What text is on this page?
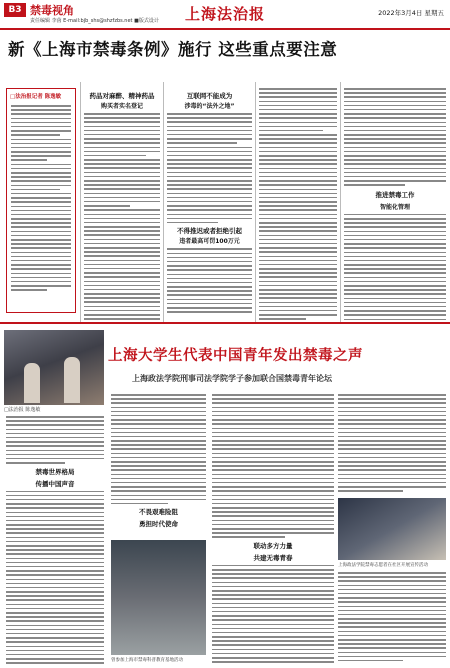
B3 禁毒视角
责任编辑 李茵 E-mail:bjb_shs@shzfzbs.net ■版式设计 上海法治报	2022年3月4日 星期五
新《上海市禁毒条例》施行 这些重点要注意
□法治报记者 陈逸敏	药品对麻醉、精神药品
购买者实名登记
互联网不能成为
涉毒的“法外之地”
不得推迟或者拒绝引起
违者最高可罚100万元
推进禁毒工作
智能化管理
□法治报 陈逸敏
上海大学生代表中国青年发出禁毒之声
上海政法学院刑事司法学院学子参加联合国禁毒青年论坛
禁毒世界格局
传播中国声音
不畏艰难险阻
勇担时代使命
曾参加上海市禁毒科普教育基地活动
联动多方力量
共建无毒青春
上海政法学院禁毒志愿者在社区开展宣传活动
